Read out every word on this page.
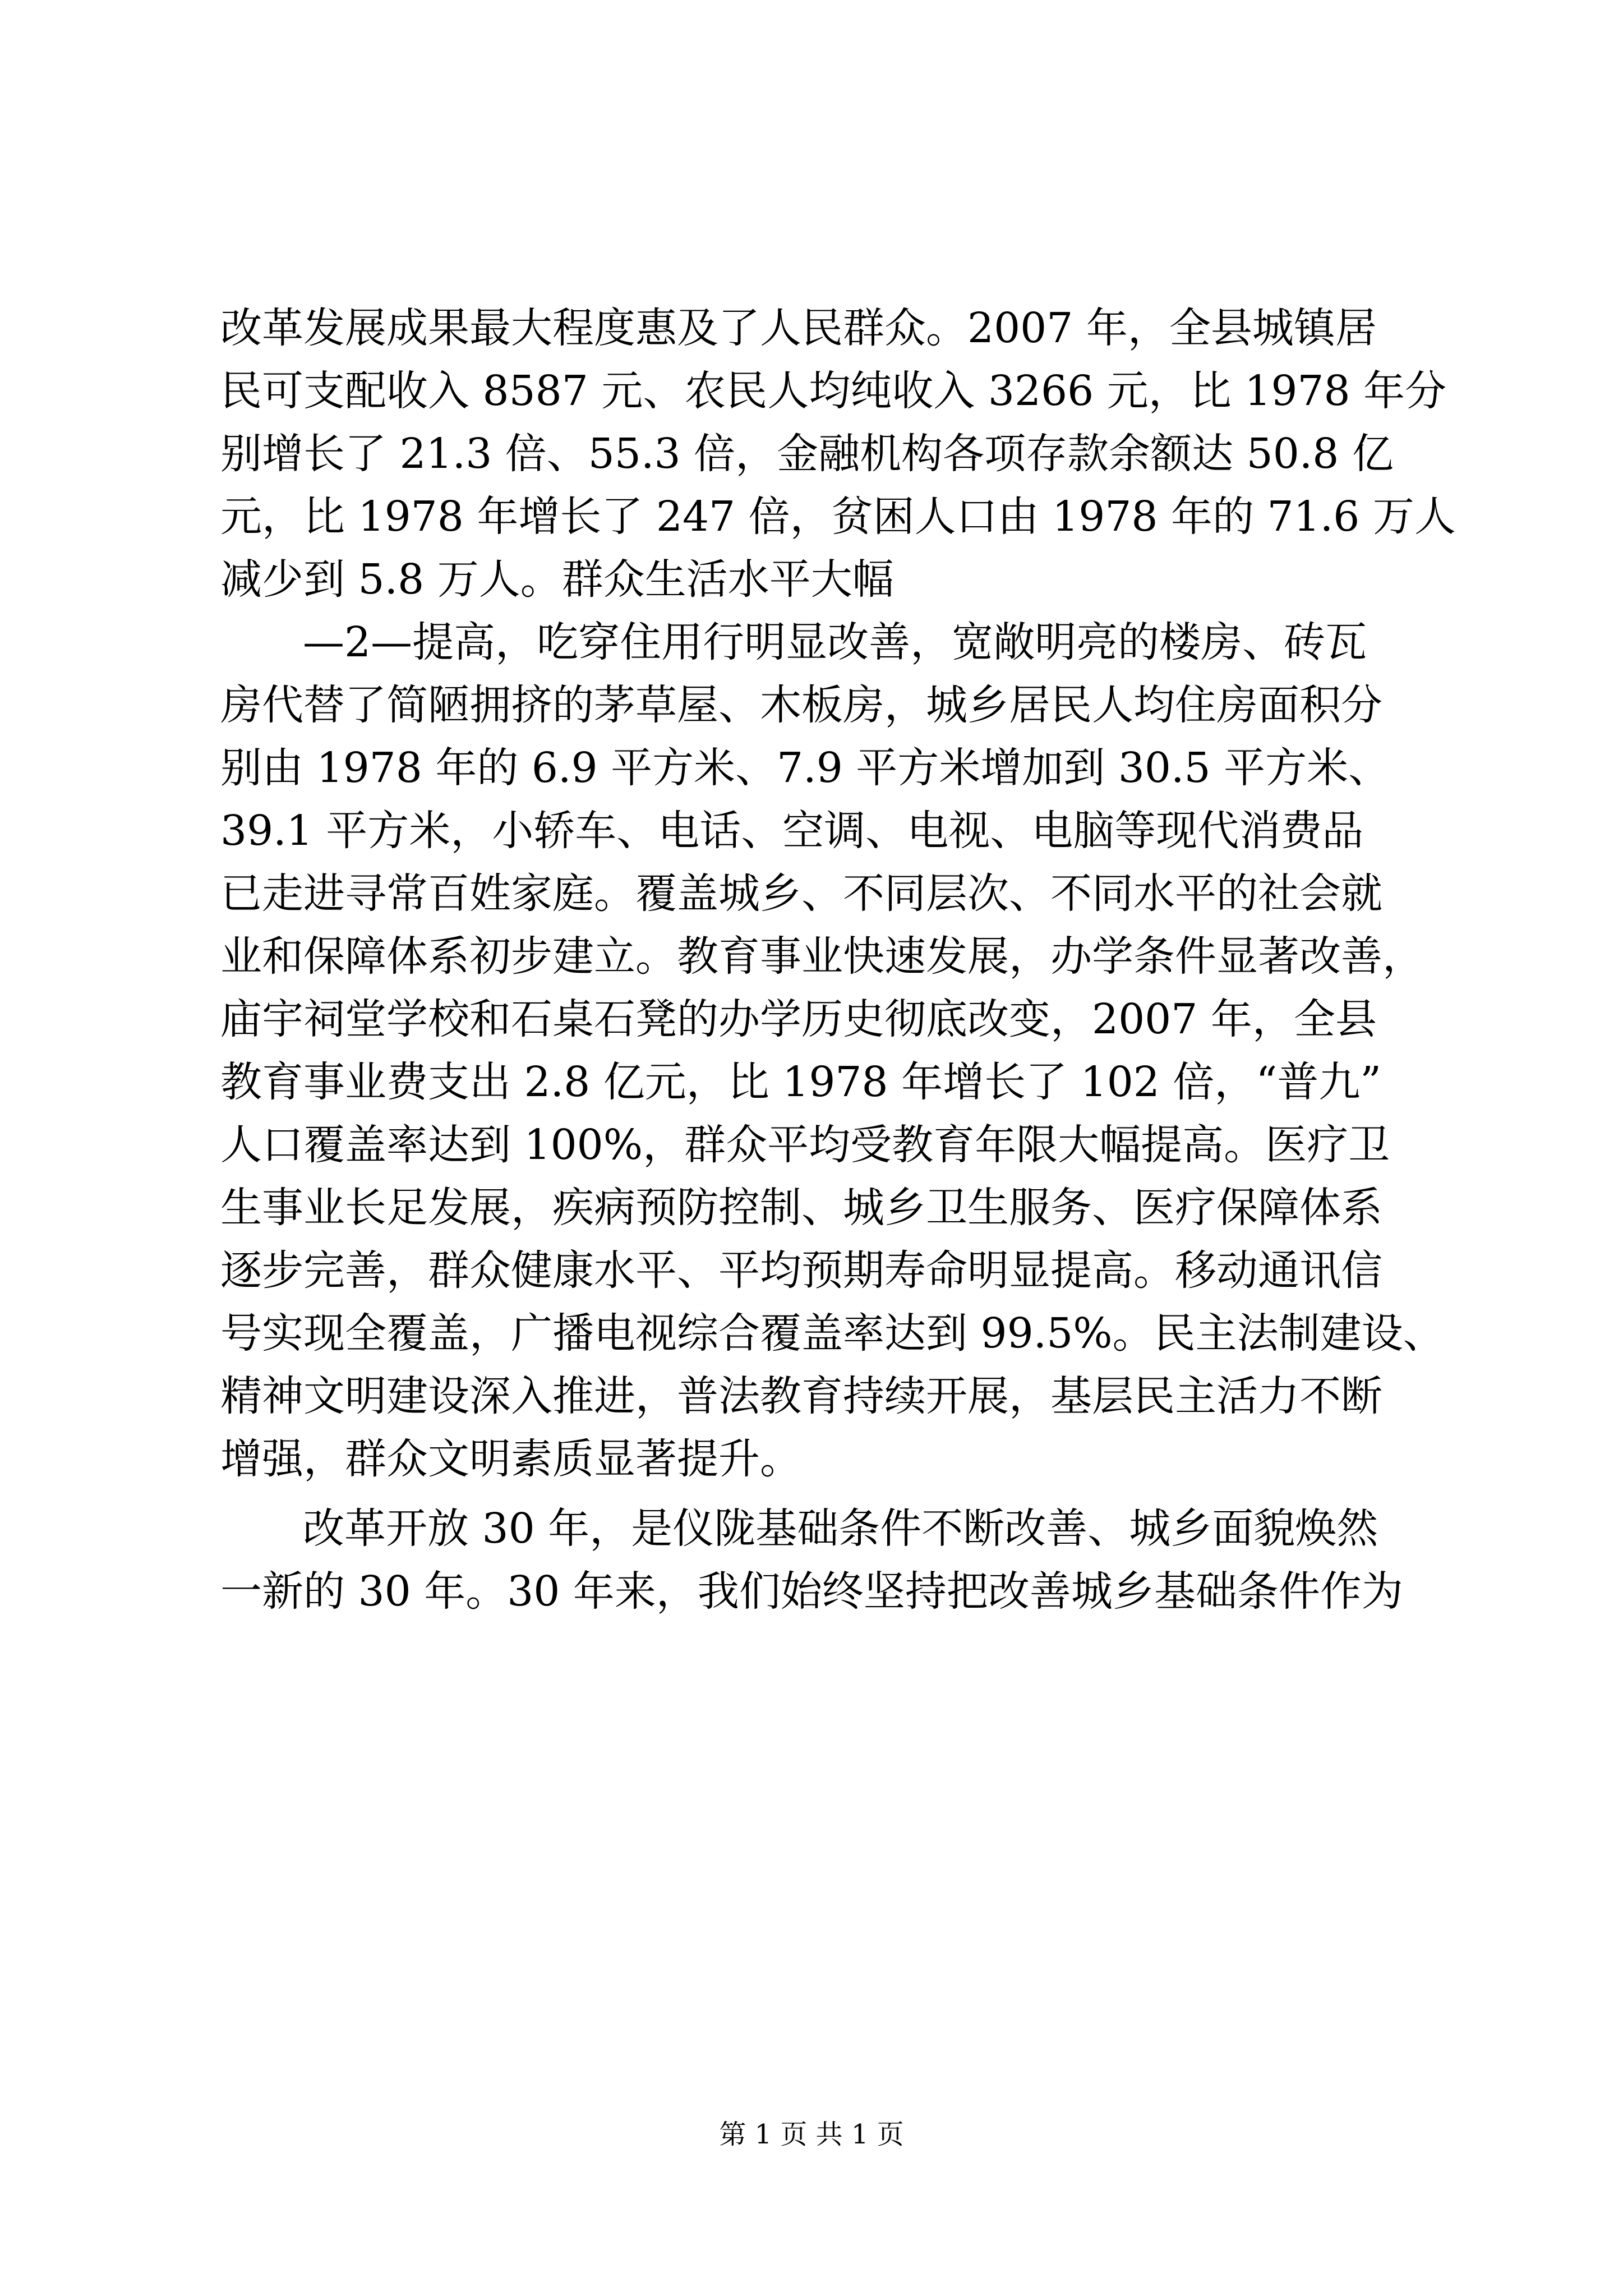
改革发展成果最大程度惠及了人民群众。2007 年，全县城镇居
民可支配收入 8587 元、农民人均纯收入 3266 元，比 1978 年分
别增长了 21.3 倍、55.3 倍，金融机构各项存款余额达 50.8 亿
元，比 1978 年增长了 247 倍，贫困人口由 1978 年的 71.6 万人
减少到 5.8 万人。群众生活水平大幅
—2—提高，吃穿住用行明显改善，宽敞明亮的楼房、砖瓦
房代替了简陋拥挤的茅草屋、木板房，城乡居民人均住房面积分
别由 1978 年的 6.9 平方米、7.9 平方米增加到 30.5 平方米、
39.1 平方米，小轿车、电话、空调、电视、电脑等现代消费品
已走进寻常百姓家庭。覆盖城乡、不同层次、不同水平的社会就
业和保障体系初步建立。教育事业快速发展，办学条件显著改善，
庙宇祠堂学校和石桌石凳的办学历史彻底改变，2007 年，全县
教育事业费支出 2.8 亿元，比 1978 年增长了 102 倍，“普九”
人口覆盖率达到 100%，群众平均受教育年限大幅提高。医疗卫
生事业长足发展，疾病预防控制、城乡卫生服务、医疗保障体系
逐步完善，群众健康水平、平均预期寿命明显提高。移动通讯信
号实现全覆盖，广播电视综合覆盖率达到 99.5%。民主法制建设、
精神文明建设深入推进，普法教育持续开展，基层民主活力不断
增强，群众文明素质显著提升。
改革开放 30 年，是仪陇基础条件不断改善、城乡面貌焕然
一新的 30 年。30 年来，我们始终坚持把改善城乡基础条件作为
第 1 页 共 1 页
